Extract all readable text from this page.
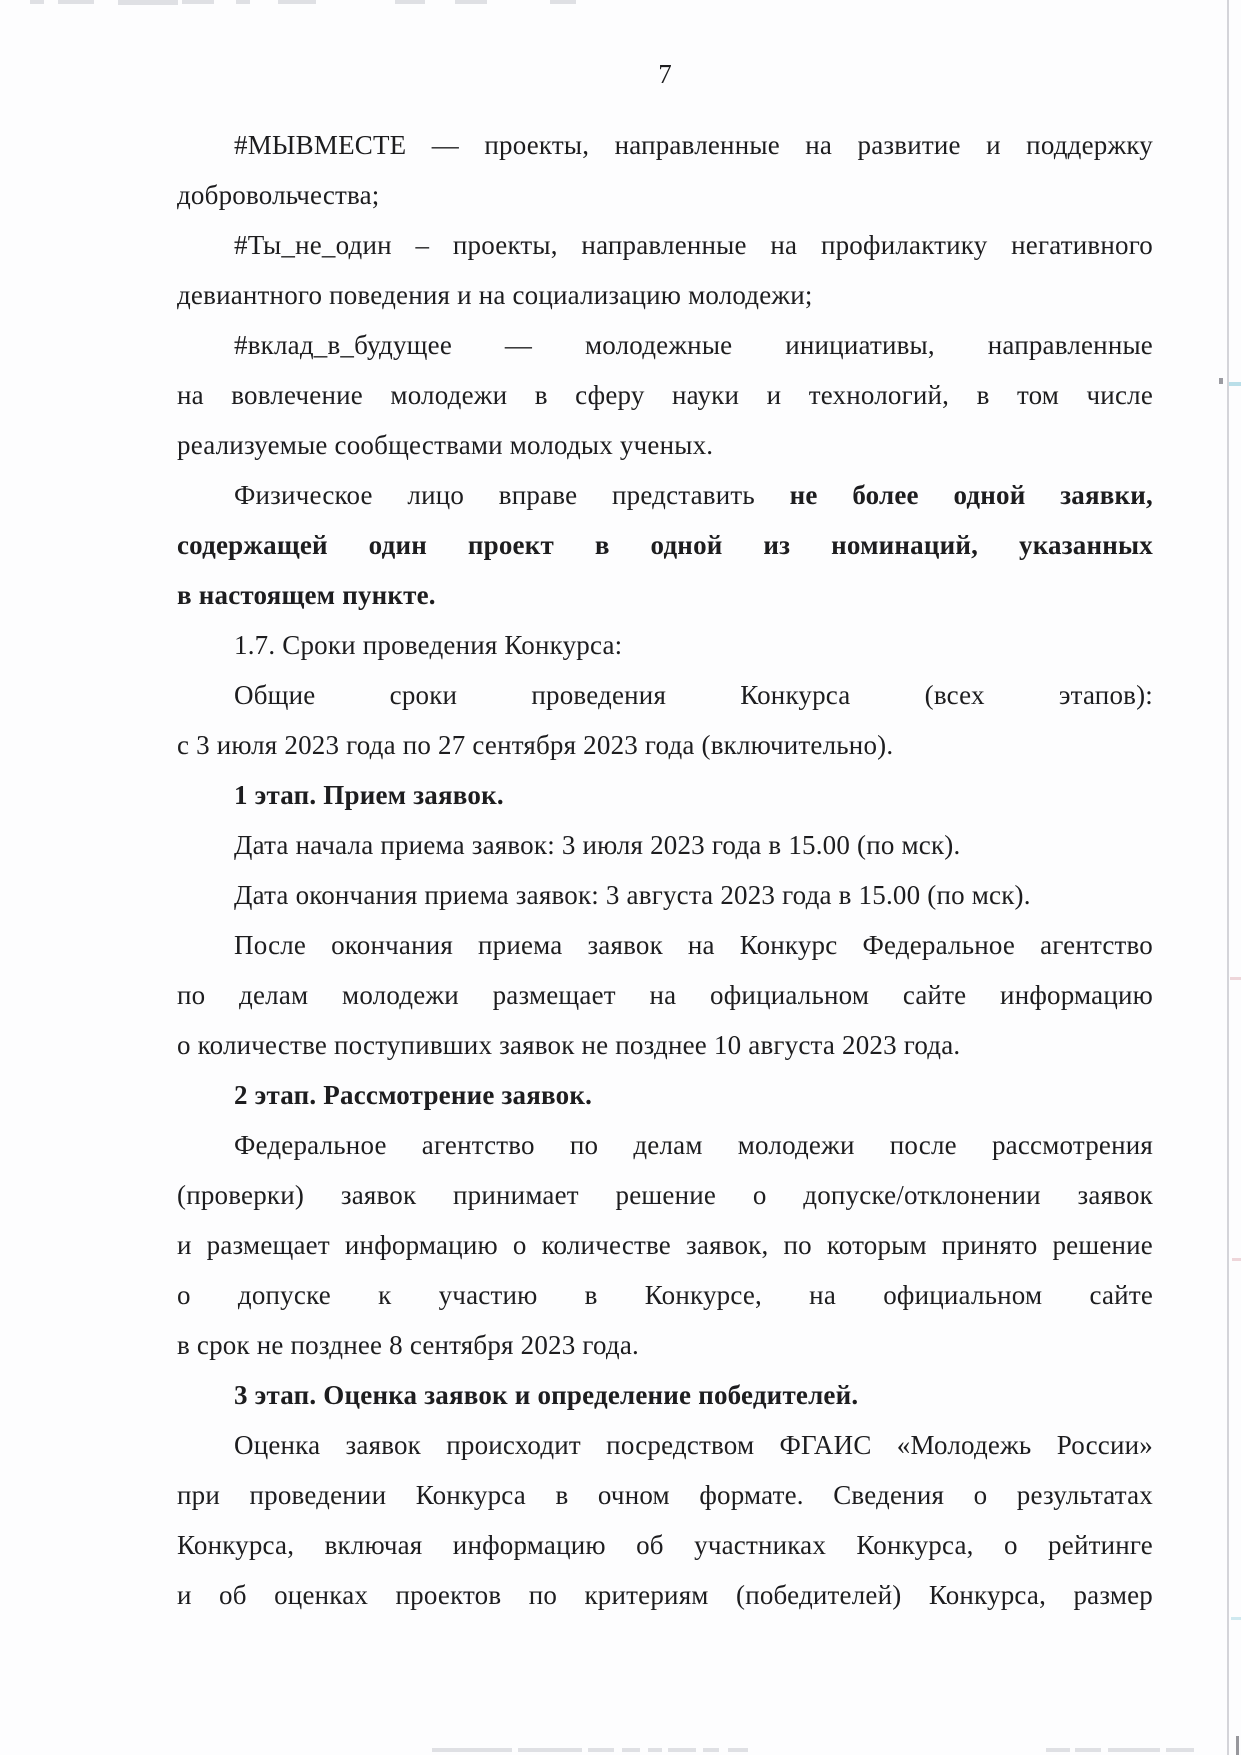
7
#МЫВМЕСТЕ — проекты, направленные на развитие и поддержку
добровольчества;
#Ты_не_один – проекты, направленные на профилактику негативного
девиантного поведения и на социализацию молодежи;
#вклад_в_будущее — молодежные инициативы, направленные
на вовлечение молодежи в сферу науки и технологий, в том числе
реализуемые сообществами молодых ученых.
Физическое лицо вправе представить не более одной заявки,
содержащей один проект в одной из номинаций, указанных
в настоящем пункте.
1.7. Сроки проведения Конкурса:
Общие сроки проведения Конкурса (всех этапов):
с 3 июля 2023 года по 27 сентября 2023 года (включительно).
1 этап. Прием заявок.
Дата начала приема заявок: 3 июля 2023 года в 15.00 (по мск).
Дата окончания приема заявок: 3 августа 2023 года в 15.00 (по мск).
После окончания приема заявок на Конкурс Федеральное агентство
по делам молодежи размещает на официальном сайте информацию
о количестве поступивших заявок не позднее 10 августа 2023 года.
2 этап. Рассмотрение заявок.
Федеральное агентство по делам молодежи после рассмотрения
(проверки) заявок принимает решение о допуске/отклонении заявок
и размещает информацию о количестве заявок, по которым принято решение
о допуске к участию в Конкурсе, на официальном сайте
в срок не позднее 8 сентября 2023 года.
3 этап. Оценка заявок и определение победителей.
Оценка заявок происходит посредством ФГАИС «Молодежь России»
при проведении Конкурса в очном формате. Сведения о результатах
Конкурса, включая информацию об участниках Конкурса, о рейтинге
и об оценках проектов по критериям (победителей) Конкурса, размер
